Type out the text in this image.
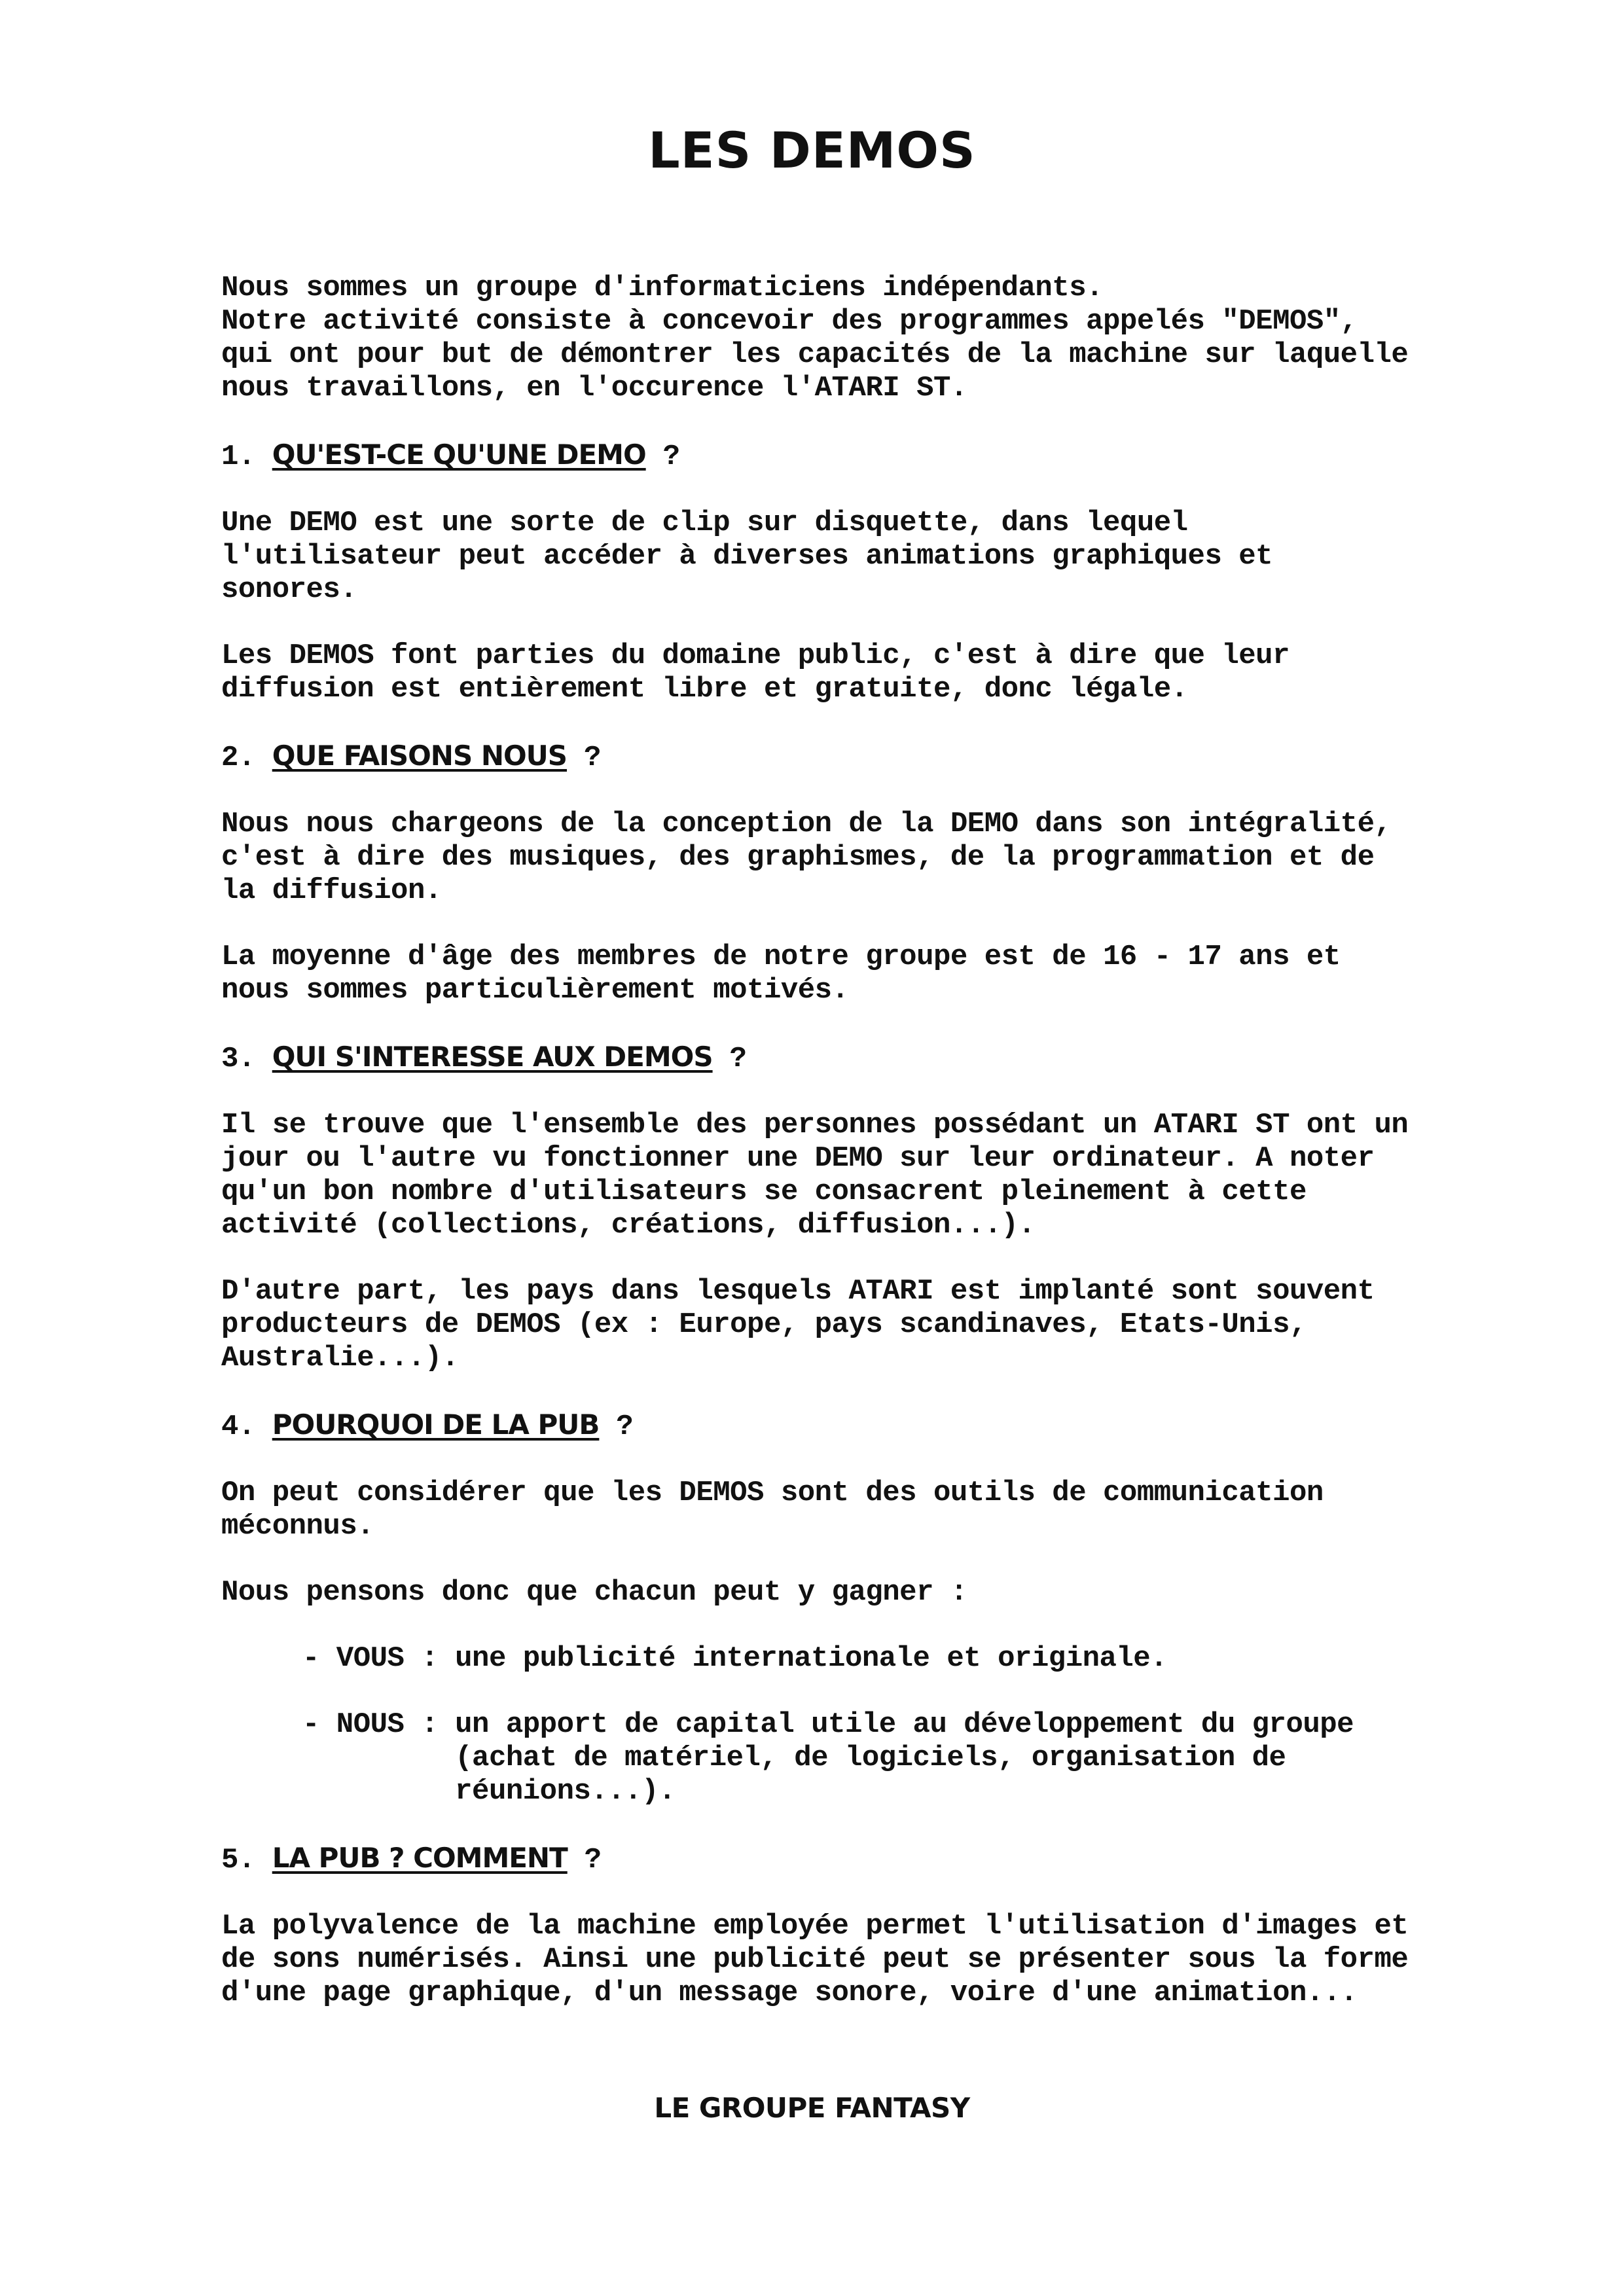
LES DEMOS

Nous sommes un groupe d'informaticiens indépendants.

Notre activité consiste à concevoir des programmes appelés "DEMOS",

qui ont pour but de démontrer les capacités de la machine sur laquelle

nous travaillons, en l'occurence l'ATARI ST.

1. QU'EST-CE QU'UNE DEMO ?

Une DEMO est une sorte de clip sur disquette, dans lequel

l'utilisateur peut accéder à diverses animations graphiques et

sonores.

Les DEMOS font parties du domaine public, c'est à dire que leur

diffusion est entièrement libre et gratuite, donc légale.

2. QUE FAISONS NOUS ?

Nous nous chargeons de la conception de la DEMO dans son intégralité,

c'est à dire des musiques, des graphismes, de la programmation et de

la diffusion.

La moyenne d'âge des membres de notre groupe est de 16 - 17 ans et

nous sommes particulièrement motivés.

3. QUI S'INTERESSE AUX DEMOS ?

Il se trouve que l'ensemble des personnes possédant un ATARI ST ont un

jour ou l'autre vu fonctionner une DEMO sur leur ordinateur. A noter

qu'un bon nombre d'utilisateurs se consacrent pleinement à cette

activité (collections, créations, diffusion...).

D'autre part, les pays dans lesquels ATARI est implanté sont souvent

producteurs de DEMOS (ex : Europe, pays scandinaves, Etats-Unis,

Australie...).

4. POURQUOI DE LA PUB ?

On peut considérer que les DEMOS sont des outils de communication

méconnus.

Nous pensons donc que chacun peut y gagner :

- VOUS : une publicité internationale et originale.

- NOUS : un apport de capital utile au développement du groupe

(achat de matériel, de logiciels, organisation de

réunions...).

5. LA PUB ? COMMENT ?

La polyvalence de la machine employée permet l'utilisation d'images et

de sons numérisés. Ainsi une publicité peut se présenter sous la forme

d'une page graphique, d'un message sonore, voire d'une animation...

LE GROUPE FANTASY
